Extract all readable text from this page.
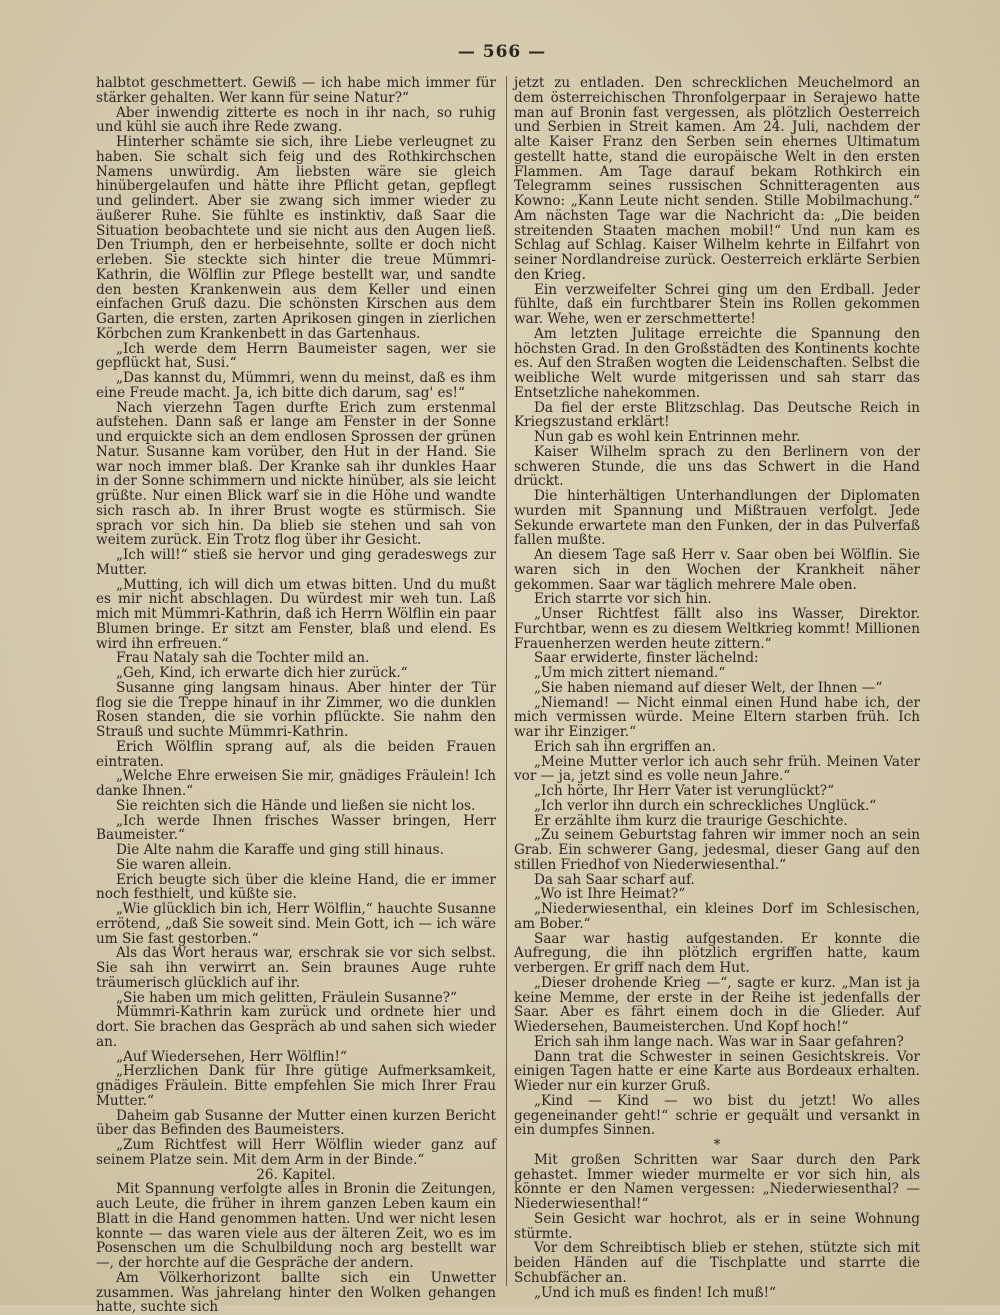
— 566 —

halbtot geschmettert. Gewiß — ich habe mich immer für stärker gehalten. Wer kann für seine Natur?“

Aber inwendig zitterte es noch in ihr nach, so ruhig und kühl sie auch ihre Rede zwang.

Hinterher schämte sie sich, ihre Liebe verleugnet zu haben. Sie schalt sich feig und des Rothkirchschen Namens unwürdig. Am liebsten wäre sie gleich hinübergelaufen und hätte ihre Pflicht getan, gepflegt und gelindert. Aber sie zwang sich immer wieder zu äußerer Ruhe. Sie fühlte es instinktiv, daß Saar die Situation beobachtete und sie nicht aus den Augen ließ. Den Triumph, den er herbeisehnte, sollte er doch nicht erleben. Sie steckte sich hinter die treue Mümmri-Kathrin, die Wölflin zur Pflege bestellt war, und sandte den besten Krankenwein aus dem Keller und einen einfachen Gruß dazu. Die schönsten Kirschen aus dem Garten, die ersten, zarten Aprikosen gingen in zierlichen Körbchen zum Krankenbett in das Gartenhaus.

„Ich werde dem Herrn Baumeister sagen, wer sie gepflückt hat, Susi.“

„Das kannst du, Mümmri, wenn du meinst, daß es ihm eine Freude macht. Ja, ich bitte dich darum, sag' es!“

Nach vierzehn Tagen durfte Erich zum erstenmal aufstehen. Dann saß er lange am Fenster in der Sonne und erquickte sich an dem endlosen Sprossen der grünen Natur. Susanne kam vorüber, den Hut in der Hand. Sie war noch immer blaß. Der Kranke sah ihr dunkles Haar in der Sonne schimmern und nickte hinüber, als sie leicht grüßte. Nur einen Blick warf sie in die Höhe und wandte sich rasch ab. In ihrer Brust wogte es stürmisch. Sie sprach vor sich hin. Da blieb sie stehen und sah von weitem zurück. Ein Trotz flog über ihr Gesicht.

„Ich will!“ stieß sie hervor und ging geradeswegs zur Mutter.

„Mutting, ich will dich um etwas bitten. Und du mußt es mir nicht abschlagen. Du würdest mir weh tun. Laß mich mit Mümmri-Kathrin, daß ich Herrn Wölflin ein paar Blumen bringe. Er sitzt am Fenster, blaß und elend. Es wird ihn erfreuen.“

Frau Nataly sah die Tochter mild an.

„Geh, Kind, ich erwarte dich hier zurück.“

Susanne ging langsam hinaus. Aber hinter der Tür flog sie die Treppe hinauf in ihr Zimmer, wo die dunklen Rosen standen, die sie vorhin pflückte. Sie nahm den Strauß und suchte Mümmri-Kathrin.

Erich Wölflin sprang auf, als die beiden Frauen eintraten.

„Welche Ehre erweisen Sie mir, gnädiges Fräulein! Ich danke Ihnen.“

Sie reichten sich die Hände und ließen sie nicht los.

„Ich werde Ihnen frisches Wasser bringen, Herr Baumeister.“

Die Alte nahm die Karaffe und ging still hinaus.

Sie waren allein.

Erich beugte sich über die kleine Hand, die er immer noch festhielt, und küßte sie.

„Wie glücklich bin ich, Herr Wölflin,“ hauchte Susanne errötend, „daß Sie soweit sind. Mein Gott, ich — ich wäre um Sie fast gestorben.“

Als das Wort heraus war, erschrak sie vor sich selbst. Sie sah ihn verwirrt an. Sein braunes Auge ruhte träumerisch glücklich auf ihr.

„Sie haben um mich gelitten, Fräulein Susanne?“

Mümmri-Kathrin kam zurück und ordnete hier und dort. Sie brachen das Gespräch ab und sahen sich wieder an.

„Auf Wiedersehen, Herr Wölflin!“

„Herzlichen Dank für Ihre gütige Aufmerksamkeit, gnädiges Fräulein. Bitte empfehlen Sie mich Ihrer Frau Mutter.“

Daheim gab Susanne der Mutter einen kurzen Bericht über das Befinden des Baumeisters.

„Zum Richtfest will Herr Wölflin wieder ganz auf seinem Platze sein. Mit dem Arm in der Binde.“

26. Kapitel.

Mit Spannung verfolgte alles in Bronin die Zeitungen, auch Leute, die früher in ihrem ganzen Leben kaum ein Blatt in die Hand genommen hatten. Und wer nicht lesen konnte — das waren viele aus der älteren Zeit, wo es im Posenschen um die Schulbildung noch arg bestellt war —, der horchte auf die Gespräche der andern.

Am Völkerhorizont ballte sich ein Unwetter zusammen. Was jahrelang hinter den Wolken gehangen hatte, suchte sich

jetzt zu entladen. Den schrecklichen Meuchelmord an dem österreichischen Thronfolgerpaar in Serajewo hatte man auf Bronin fast vergessen, als plötzlich Oesterreich und Serbien in Streit kamen. Am 24. Juli, nachdem der alte Kaiser Franz den Serben sein ehernes Ultimatum gestellt hatte, stand die europäische Welt in den ersten Flammen. Am Tage darauf bekam Rothkirch ein Telegramm seines russischen Schnitteragenten aus Kowno: „Kann Leute nicht senden. Stille Mobilmachung.“ Am nächsten Tage war die Nachricht da: „Die beiden streitenden Staaten machen mobil!“ Und nun kam es Schlag auf Schlag. Kaiser Wilhelm kehrte in Eilfahrt von seiner Nordlandreise zurück. Oesterreich erklärte Serbien den Krieg.

Ein verzweifelter Schrei ging um den Erdball. Jeder fühlte, daß ein furchtbarer Stein ins Rollen gekommen war. Wehe, wen er zerschmetterte!

Am letzten Julitage erreichte die Spannung den höchsten Grad. In den Großstädten des Kontinents kochte es. Auf den Straßen wogten die Leidenschaften. Selbst die weibliche Welt wurde mitgerissen und sah starr das Entsetzliche nahekommen.

Da fiel der erste Blitzschlag. Das Deutsche Reich in Kriegszustand erklärt!

Nun gab es wohl kein Entrinnen mehr.

Kaiser Wilhelm sprach zu den Berlinern von der schweren Stunde, die uns das Schwert in die Hand drückt.

Die hinterhältigen Unterhandlungen der Diplomaten wurden mit Spannung und Mißtrauen verfolgt. Jede Sekunde erwartete man den Funken, der in das Pulverfaß fallen mußte.

An diesem Tage saß Herr v. Saar oben bei Wölflin. Sie waren sich in den Wochen der Krankheit näher gekommen. Saar war täglich mehrere Male oben.

Erich starrte vor sich hin.

„Unser Richtfest fällt also ins Wasser, Direktor. Furchtbar, wenn es zu diesem Weltkrieg kommt! Millionen Frauenherzen werden heute zittern.“

Saar erwiderte, finster lächelnd:

„Um mich zittert niemand.“

„Sie haben niemand auf dieser Welt, der Ihnen —“

„Niemand! — Nicht einmal einen Hund habe ich, der mich vermissen würde. Meine Eltern starben früh. Ich war ihr Einziger.“

Erich sah ihn ergriffen an.

„Meine Mutter verlor ich auch sehr früh. Meinen Vater vor — ja, jetzt sind es volle neun Jahre.“

„Ich hörte, Ihr Herr Vater ist verunglückt?“

„Ich verlor ihn durch ein schreckliches Unglück.“

Er erzählte ihm kurz die traurige Geschichte.

„Zu seinem Geburtstag fahren wir immer noch an sein Grab. Ein schwerer Gang, jedesmal, dieser Gang auf den stillen Friedhof von Niederwiesenthal.“

Da sah Saar scharf auf.

„Wo ist Ihre Heimat?“

„Niederwiesenthal, ein kleines Dorf im Schlesischen, am Bober.“

Saar war hastig aufgestanden. Er konnte die Aufregung, die ihn plötzlich ergriffen hatte, kaum verbergen. Er griff nach dem Hut.

„Dieser drohende Krieg —“, sagte er kurz. „Man ist ja keine Memme, der erste in der Reihe ist jedenfalls der Saar. Aber es fährt einem doch in die Glieder. Auf Wiedersehen, Baumeisterchen. Und Kopf hoch!“

Erich sah ihm lange nach. Was war in Saar gefahren?

Dann trat die Schwester in seinen Gesichtskreis. Vor einigen Tagen hatte er eine Karte aus Bordeaux erhalten. Wieder nur ein kurzer Gruß.

„Kind — Kind — wo bist du jetzt! Wo alles gegeneinander geht!“ schrie er gequält und versankt in ein dumpfes Sinnen.

*

Mit großen Schritten war Saar durch den Park gehastet. Immer wieder murmelte er vor sich hin, als könnte er den Namen vergessen: „Niederwiesenthal? — Niederwiesenthal!“

Sein Gesicht war hochrot, als er in seine Wohnung stürmte.

Vor dem Schreibtisch blieb er stehen, stützte sich mit beiden Händen auf die Tischplatte und starrte die Schubfächer an.

„Und ich muß es finden! Ich muß!“
